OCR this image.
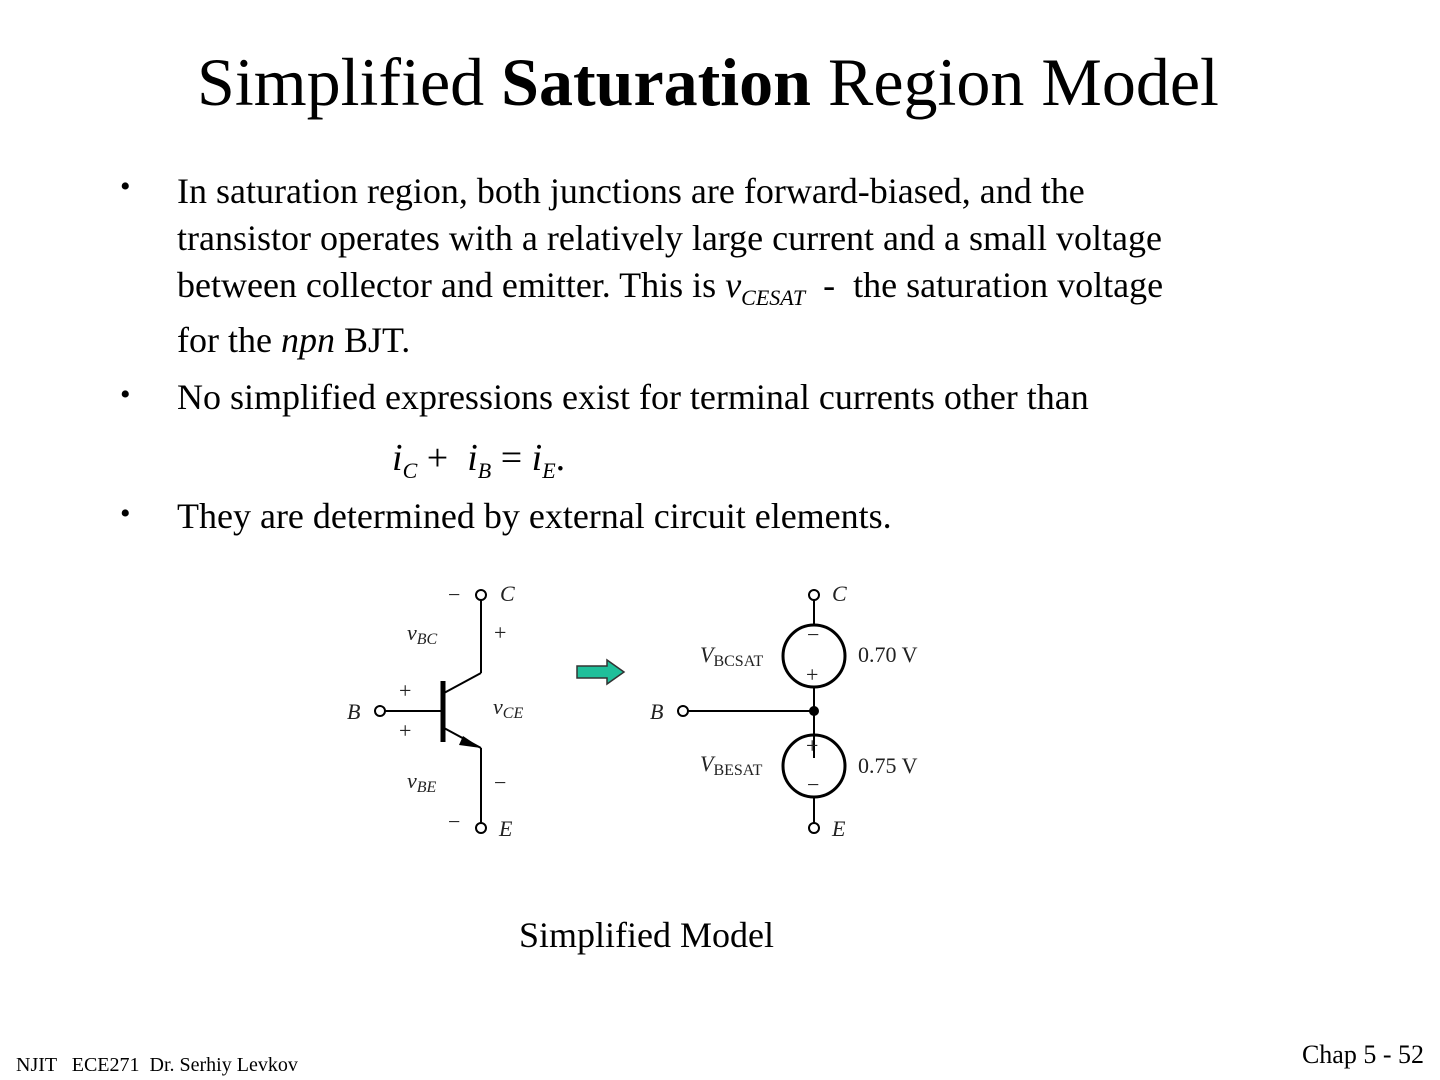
Simplified Saturation Region Model
• In saturation region, both junctions are forward-biased, and the
transistor operates with a relatively large current and a small voltage
between collector and emitter. This is $v_{CESAT}$  -  the saturation voltage
for the npn BJT.
• No simplified expressions exist for terminal currents other than
$i_C + i_B = i_E$.
• They are determined by external circuit elements.
C
B
E
−
+
+
+
−
−
vBC
vCE
vBE
C
B
E
−
+
+
−
VBCSAT	0.70 V
VBESAT	0.75 V
Simplified Model
NJIT   ECE271  Dr. Serhiy Levkov	Chap 5 - 52
